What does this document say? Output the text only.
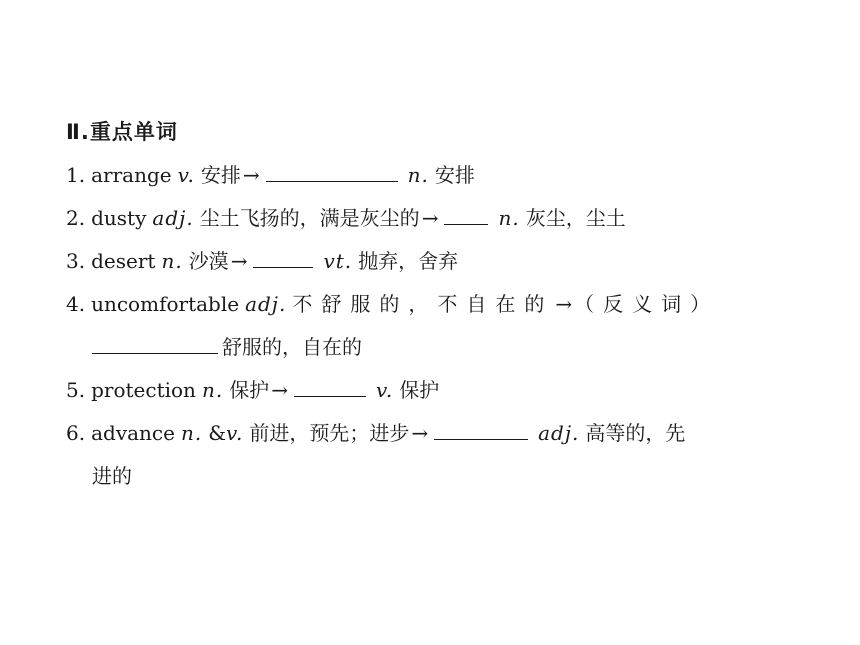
Ⅱ.重点单词
1. arrange v. 安排 →	n. 安排
2. dusty adj. 尘土飞扬的，满是灰尘的 →	n. 灰尘，尘土
3. desert n. 沙漠 →	vt. 抛弃，舍弃
4. uncomfortable adj. 不舒服的，不自在的 → （反义词）
舒服的，自在的
5. protection n. 保护 →	v. 保护
6. advance n. &v. 前进，预先；进步 →	adj. 高等的，先
进的
